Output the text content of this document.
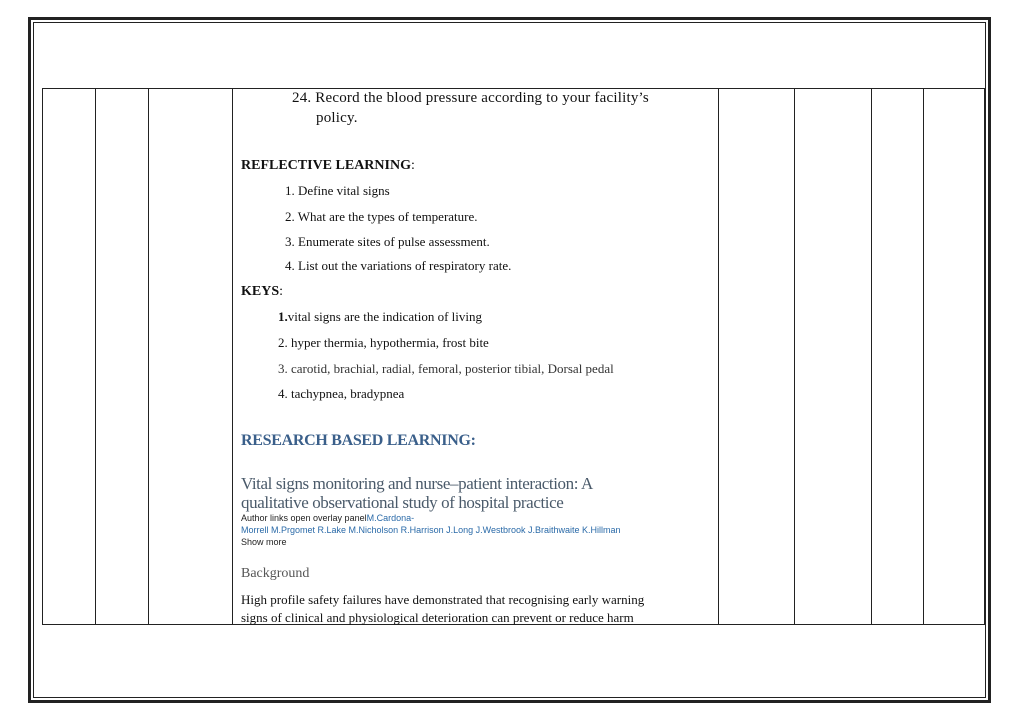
24. Record the blood pressure according to your facility’s
policy.
REFLECTIVE LEARNING:
1. Define vital signs
2. What are the types of temperature.
3. Enumerate sites of pulse assessment.
4. List out the variations of respiratory rate.
KEYS:
1.vital signs are the indication of living
2. hyper thermia, hypothermia, frost bite
3. carotid, brachial, radial, femoral, posterior tibial, Dorsal pedal
4. tachypnea, bradypnea
RESEARCH BASED LEARNING:
Vital signs monitoring and nurse–patient interaction: A
qualitative observational study of hospital practice
Author links open overlay panelM.Cardona-
Morrell M.Prgomet R.Lake M.Nicholson R.Harrison J.Long J.Westbrook J.Braithwaite K.Hillman
Show more
Background
High profile safety failures have demonstrated that recognising early warning
signs of clinical and physiological deterioration can prevent or reduce harm
